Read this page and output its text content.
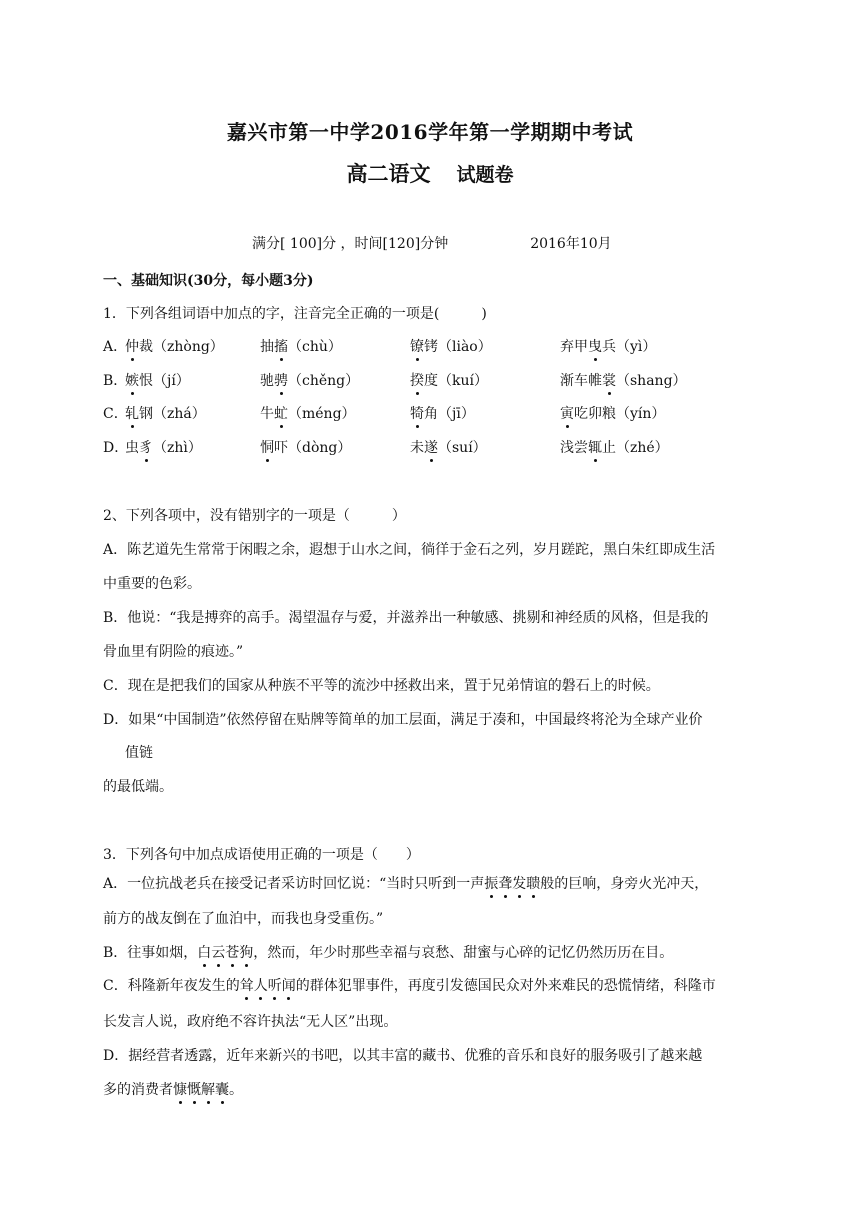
嘉兴市第一中学2016学年第一学期期中考试
高二语文 试题卷
满分[ 100]分 ，时间[120]分钟	2016年10月
一、基础知识(30分，每小题3分)
1．下列各组词语中加点的字，注音完全正确的一项是(　　　)
A．
仲裁（zhòng）	抽搐（chù）	镣铐（liào）	弃甲曳兵（yì）
B．
嫉恨（jí）	驰骋（chěng）	揆度（kuí）	渐车帷裳（shang）
C．
轧钢（zhá）	牛虻（méng）	犄角（jī）	寅吃卯粮（yín）
D．
虫豸（zhì）	恫吓（dòng）	未遂（suí）	浅尝辄止（zhé）
2、下列各项中，没有错别字的一项是（　　　）
A．陈艺道先生常常于闲暇之余，遐想于山水之间，徜徉于金石之列，岁月蹉跎，黑白朱红即成生活
中重要的色彩。
B．他说：“我是搏弈的高手。渴望温存与爱，并滋养出一种敏感、挑剔和神经质的风格，但是我的
骨血里有阴险的痕迹。”
C．现在是把我们的国家从种族不平等的流沙中拯救出来，置于兄弟情谊的磐石上的时候。
D．如果“中国制造”依然停留在贴牌等简单的加工层面，满足于凑和，中国最终将沦为全球产业价
值链
的最低端。
3．下列各句中加点成语使用正确的一项是（　　）
A．一位抗战老兵在接受记者采访时回忆说：“当时只听到一声振聋发聩般的巨响，身旁火光冲天，
前方的战友倒在了血泊中，而我也身受重伤。”
B．往事如烟，白云苍狗，然而，年少时那些幸福与哀愁、甜蜜与心碎的记忆仍然历历在目。
C．科隆新年夜发生的耸人听闻的群体犯罪事件，再度引发德国民众对外来难民的恐慌情绪，科隆市
长发言人说，政府绝不容许执法“无人区”出现。
D．据经营者透露，近年来新兴的书吧，以其丰富的藏书、优雅的音乐和良好的服务吸引了越来越
多的消费者慷慨解囊。
